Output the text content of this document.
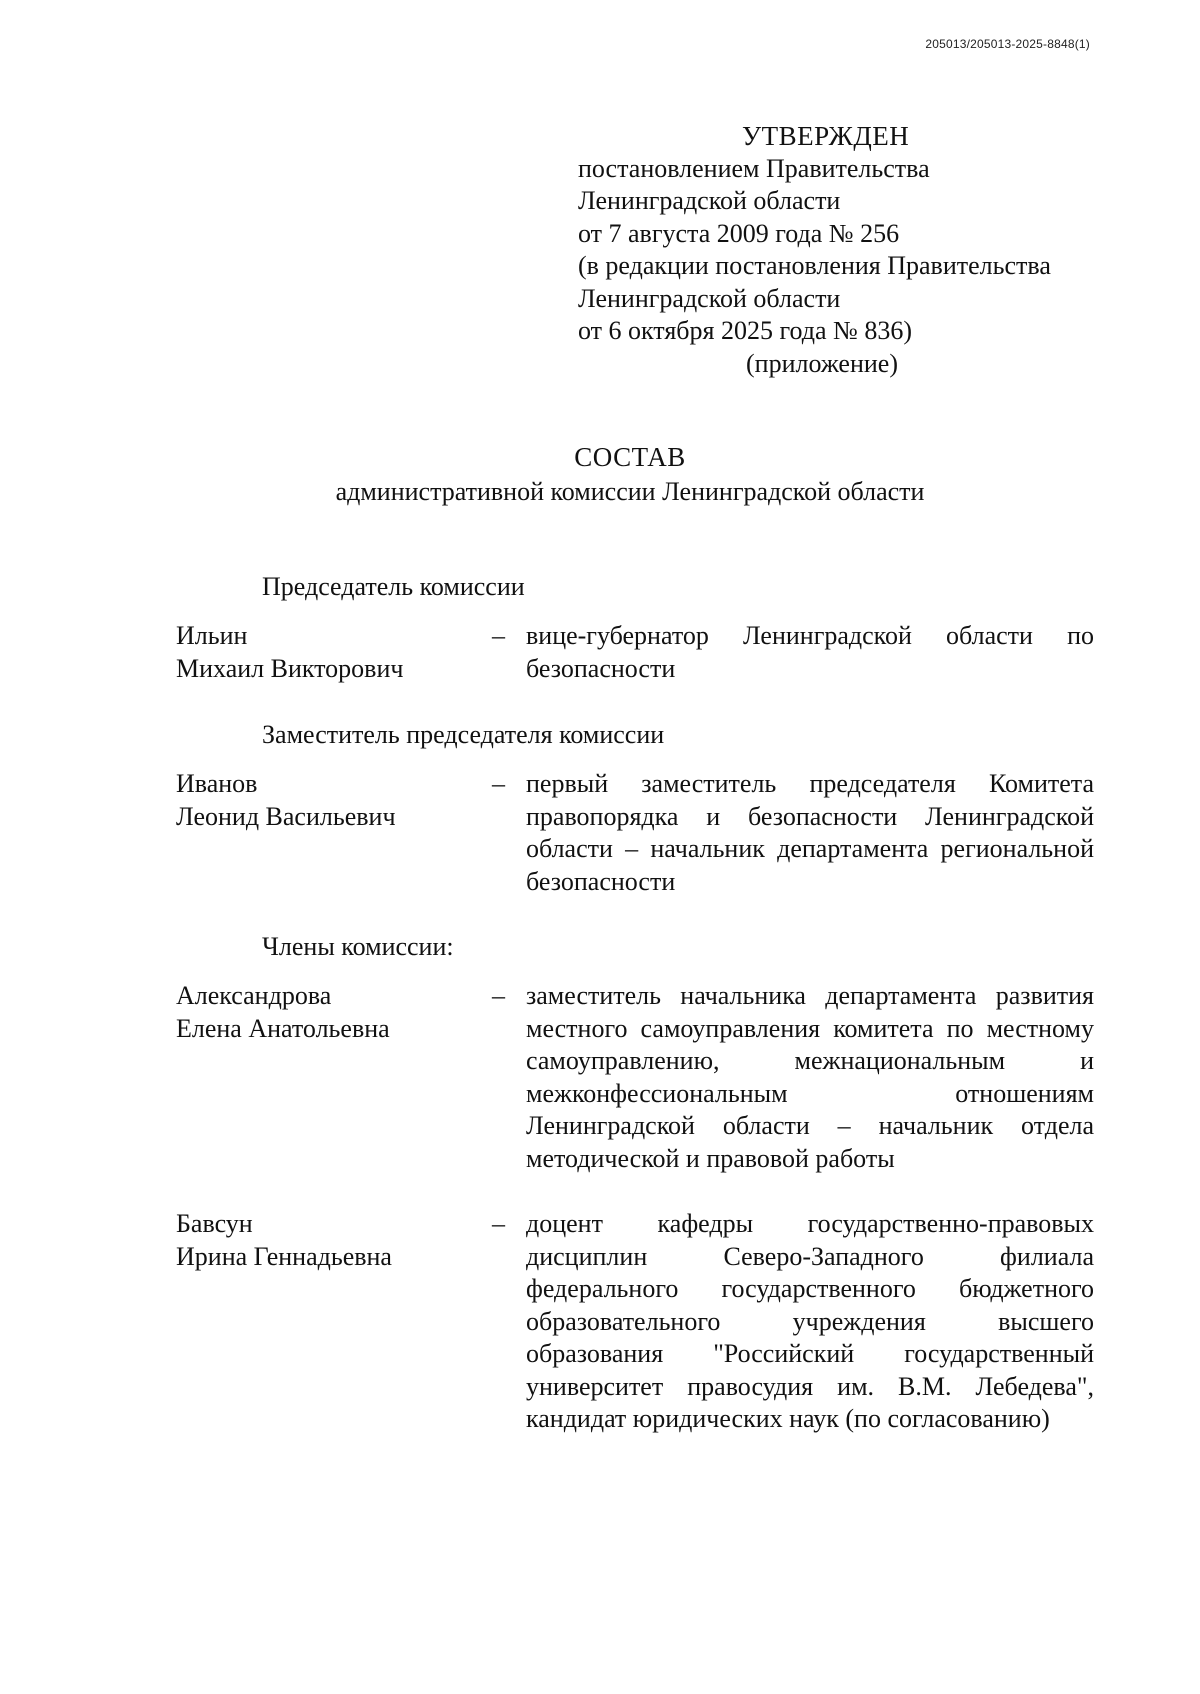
205013/205013-2025-8848(1)
УТВЕРЖДЕН
постановлением Правительства
Ленинградской области
от 7 августа 2009 года № 256
(в редакции постановления Правительства
Ленинградской области
от 6 октября 2025 года № 836)
(приложение)
СОСТАВ
административной комиссии Ленинградской области
Председатель комиссии
Ильин
Михаил Викторович
– вице-губернатор Ленинградской области по безопасности
Заместитель председателя комиссии
Иванов
Леонид Васильевич
– первый заместитель председателя Комитета правопорядка и безопасности Ленинградской области – начальник департамента региональной безопасности
Члены комиссии:
Александрова
Елена Анатольевна
– заместитель начальника департамента развития местного самоуправления комитета по местному самоуправлению, межнациональным и межконфессиональным отношениям Ленинградской области – начальник отдела методической и правовой работы
Бавсун
Ирина Геннадьевна
– доцент кафедры государственно-правовых дисциплин Северо-Западного филиала федерального государственного бюджетного образовательного учреждения высшего образования "Российский государственный университет правосудия им. В.М. Лебедева", кандидат юридических наук (по согласованию)
